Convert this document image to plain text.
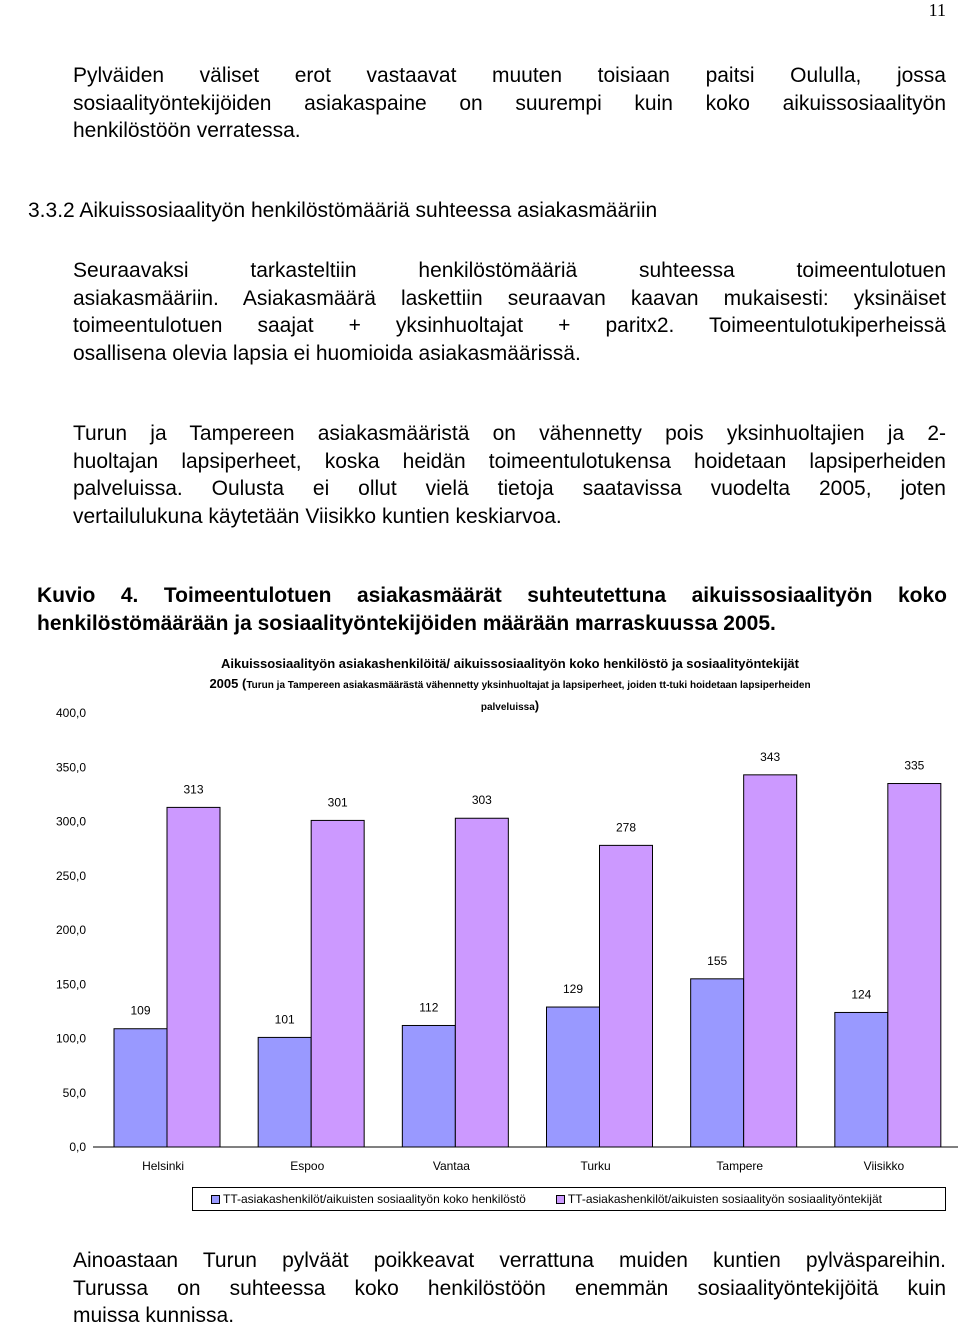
11

Pylväiden väliset erot vastaavat muuten toisiaan paitsi Oululla, jossa
sosiaalityöntekijöiden asiakaspaine on suurempi kuin koko aikuissosiaalityön
henkilöstöön verratessa.

3.3.2 Aikuissosiaalityön henkilöstömääriä suhteessa asiakasmääriin

Seuraavaksi tarkasteltiin henkilöstömääriä suhteessa toimeentulotuen
asiakasmääriin. Asiakasmäärä laskettiin seuraavan kaavan mukaisesti: yksinäiset
toimeentulotuen saajat + yksinhuoltajat + paritx2. Toimeentulotukiperheissä
osallisena olevia lapsia ei huomioida asiakasmäärissä.

Turun ja Tampereen asiakasmääristä on vähennetty pois yksinhuoltajien ja 2-
huoltajan lapsiperheet, koska heidän toimeentulotukensa hoidetaan lapsiperheiden
palveluissa. Oulusta ei ollut vielä tietoja saatavissa vuodelta 2005, joten
vertailulukuna käytetään Viisikko kuntien keskiarvoa.

Kuvio 4. Toimeentulotuen asiakasmäärät suhteutettuna aikuissosiaalityön koko
henkilöstömäärään ja sosiaalityöntekijöiden määrään marraskuussa 2005.

Aikuissosiaalityön asiakashenkilöitä/ aikuissosiaalityön koko henkilöstö ja sosiaalityöntekijät
2005 (Turun ja Tampereen asiakasmäärästä vähennetty yksinhuoltajat ja lapsiperheet, joiden tt-tuki hoidetaan lapsiperheiden
palveluissa)
0,0
50,0
100,0
150,0
200,0
250,0
300,0
350,0
400,0
109
313
Helsinki
101
301
Espoo
112
303
Vantaa
129
278
Turku
155
343
Tampere
124
335
Viisikko
TT-asiakashenkilöt/aikuisten sosiaalityön koko henkilöstö	TT-asiakashenkilöt/aikuisten sosiaalityön sosiaalityöntekijät

Ainoastaan Turun pylväät poikkeavat verrattuna muiden kuntien pylväspareihin.
Turussa on suhteessa koko henkilöstöön enemmän sosiaalityöntekijöitä kuin
muissa kunnissa.
